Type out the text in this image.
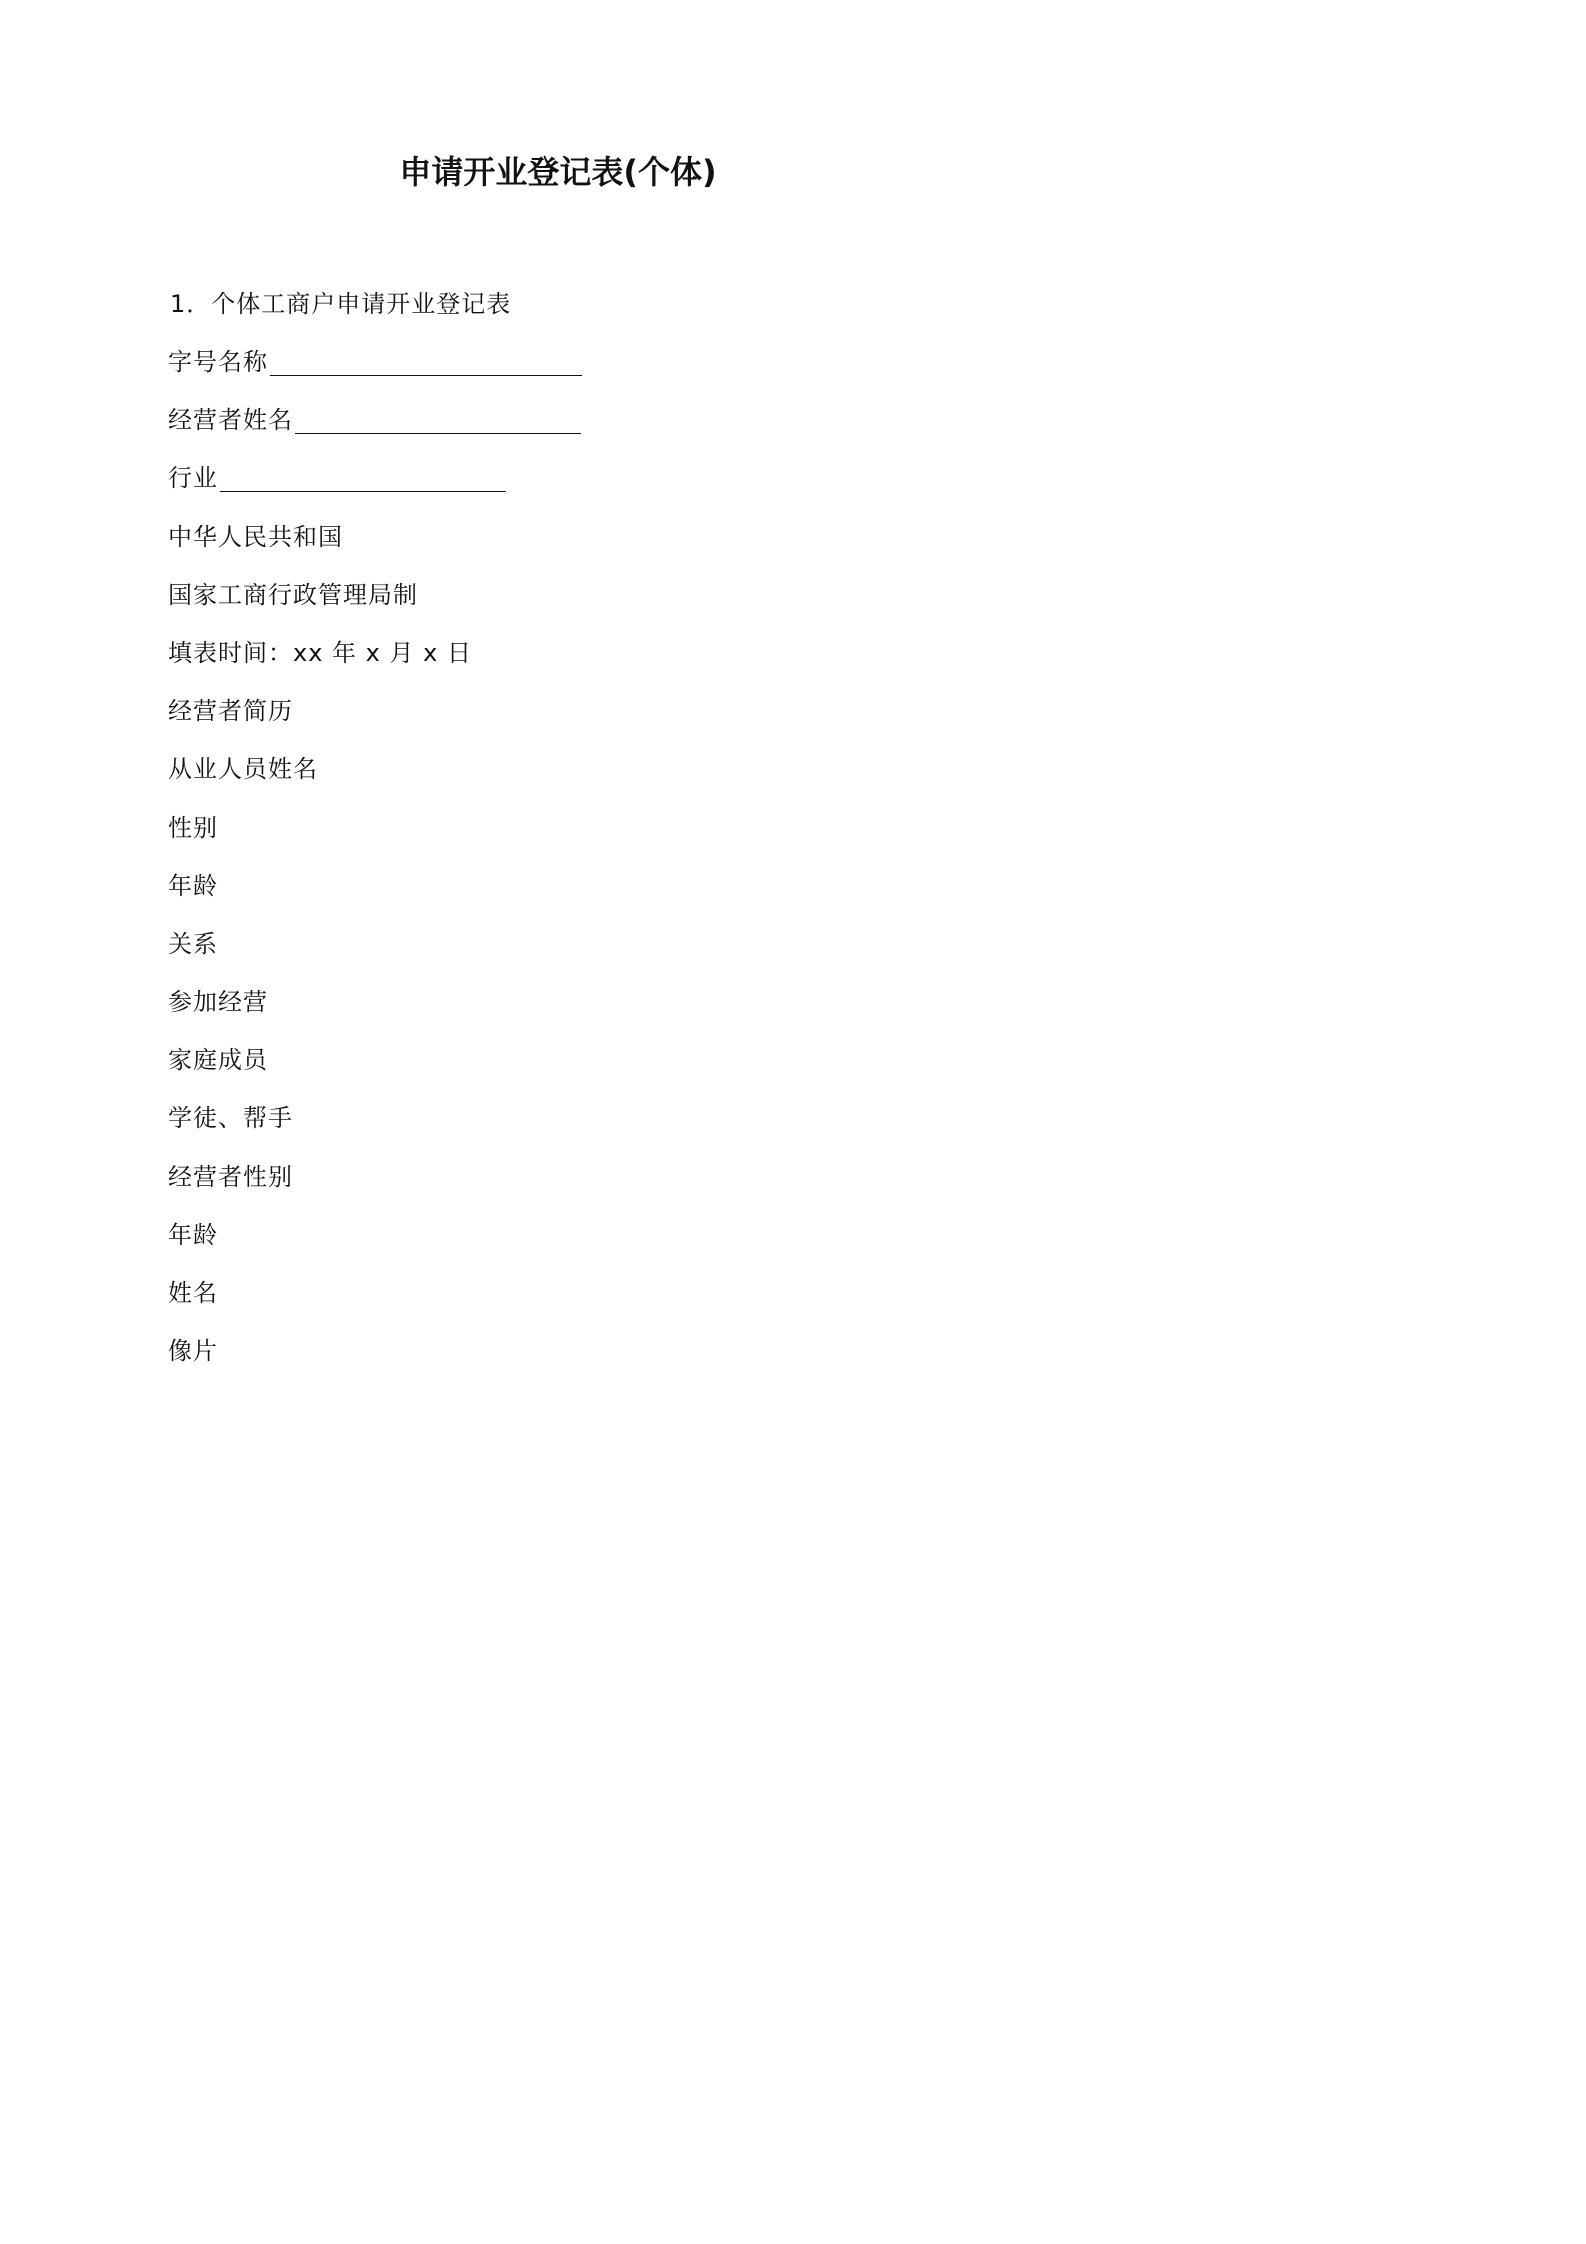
申请开业登记表(个体)
1．个体工商户申请开业登记表
字号名称
经营者姓名
行业
中华人民共和国
国家工商行政管理局制
填表时间：xx 年 x 月 x 日
经营者简历
从业人员姓名
性别
年龄
关系
参加经营
家庭成员
学徒、帮手
经营者性别
年龄
姓名
像片
